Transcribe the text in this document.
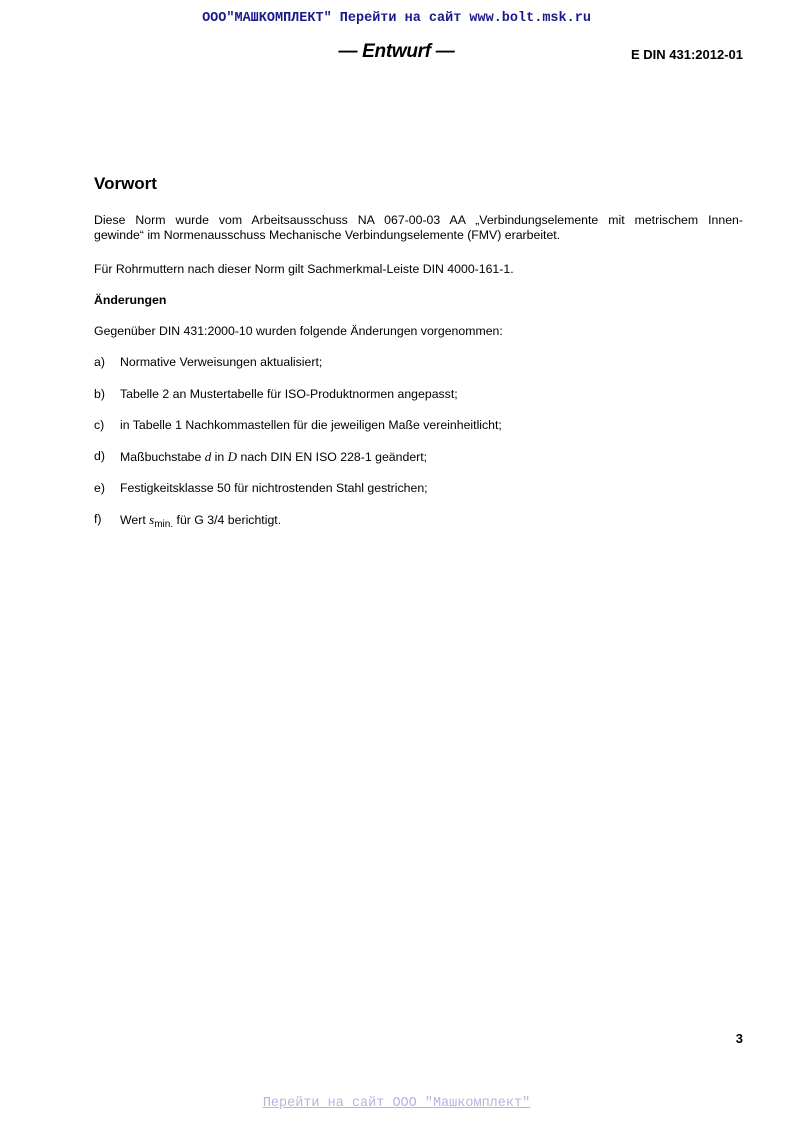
ООО"МАШКОМПЛЕКТ" Перейти на сайт www.bolt.msk.ru
— Entwurf —	E DIN 431:2012-01
Vorwort
Diese Norm wurde vom Arbeitsausschuss NA 067-00-03 AA „Verbindungselemente mit metrischem Innen-
gewinde“ im Normenausschuss Mechanische Verbindungselemente (FMV) erarbeitet.
Für Rohrmuttern nach dieser Norm gilt Sachmerkmal-Leiste DIN 4000-161-1.
Änderungen
Gegenüber DIN 431:2000-10 wurden folgende Änderungen vorgenommen:
a) Normative Verweisungen aktualisiert;
b) Tabelle 2 an Mustertabelle für ISO-Produktnormen angepasst;
c) in Tabelle 1 Nachkommastellen für die jeweiligen Maße vereinheitlicht;
d) Maßbuchstabe d in D nach DIN EN ISO 228-1 geändert;
e) Festigkeitsklasse 50 für nichtrostenden Stahl gestrichen;
f) Wert $s_{min.}$ für G 3/4 berichtigt.
3
Перейти на сайт ООО "Машкомплект"
